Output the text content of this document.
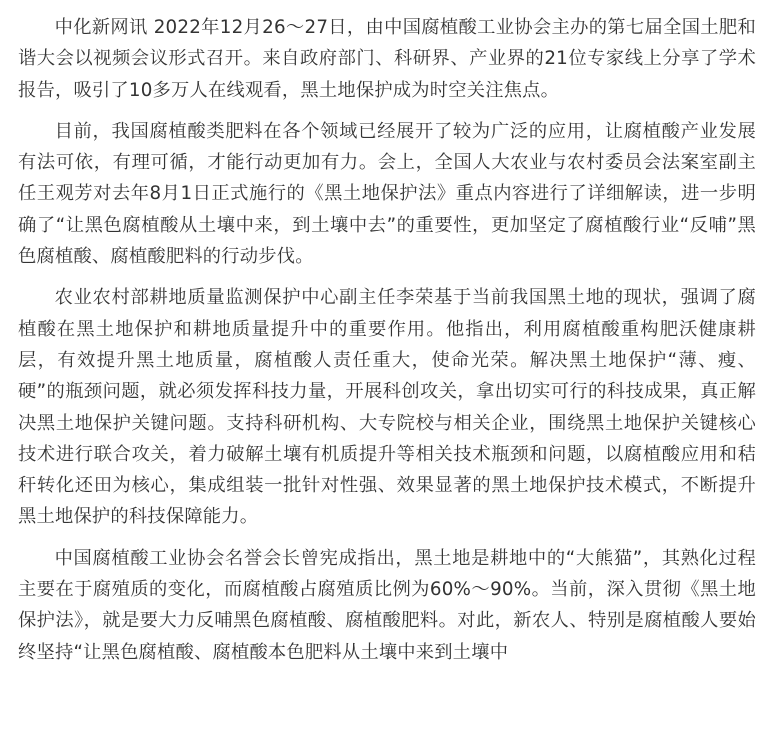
中化新网讯 2022年12月26～27日，由中国腐植酸工业协会主办的第七届全国土肥和谐大会以视频会议形式召开。来自政府部门、科研界、产业界的21位专家线上分享了学术报告，吸引了10多万人在线观看，黑土地保护成为时空关注焦点。

目前，我国腐植酸类肥料在各个领域已经展开了较为广泛的应用，让腐植酸产业发展有法可依，有理可循，才能行动更加有力。会上，全国人大农业与农村委员会法案室副主任王观芳对去年8月1日正式施行的《黑土地保护法》重点内容进行了详细解读，进一步明确了“让黑色腐植酸从土壤中来，到土壤中去”的重要性，更加坚定了腐植酸行业“反哺”黑色腐植酸、腐植酸肥料的行动步伐。

农业农村部耕地质量监测保护中心副主任李荣基于当前我国黑土地的现状，强调了腐植酸在黑土地保护和耕地质量提升中的重要作用。他指出，利用腐植酸重构肥沃健康耕层，有效提升黑土地质量，腐植酸人责任重大，使命光荣。解决黑土地保护“薄、瘦、硬”的瓶颈问题，就必须发挥科技力量，开展科创攻关，拿出切实可行的科技成果，真正解决黑土地保护关键问题。支持科研机构、大专院校与相关企业，围绕黑土地保护关键核心技术进行联合攻关，着力破解土壤有机质提升等相关技术瓶颈和问题，以腐植酸应用和秸秆转化还田为核心，集成组装一批针对性强、效果显著的黑土地保护技术模式，不断提升黑土地保护的科技保障能力。

中国腐植酸工业协会名誉会长曾宪成指出，黑土地是耕地中的“大熊猫”，其熟化过程主要在于腐殖质的变化，而腐植酸占腐殖质比例为60%～90%。当前，深入贯彻《黑土地保护法》，就是要大力反哺黑色腐植酸、腐植酸肥料。对此，新农人、特别是腐植酸人要始终坚持“让黑色腐植酸、腐植酸本色肥料从土壤中来到土壤中
